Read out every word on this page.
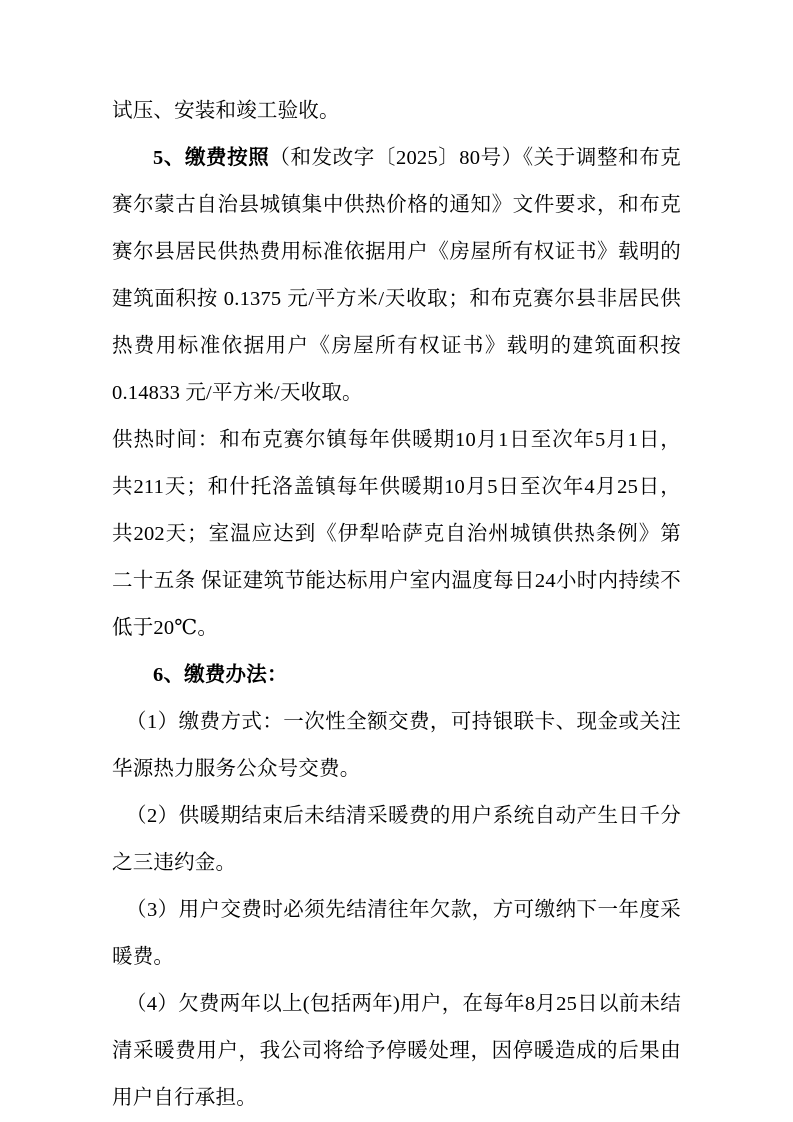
试压、安装和竣工验收。

5、缴费按照（和发改字〔2025〕80号）《关于调整和布克赛尔蒙古自治县城镇集中供热价格的通知》文件要求，和布克赛尔县居民供热费用标准依据用户《房屋所有权证书》载明的建筑面积按 0.1375 元/平方米/天收取；和布克赛尔县非居民供热费用标准依据用户《房屋所有权证书》载明的建筑面积按 0.14833 元/平方米/天收取。

供热时间：和布克赛尔镇每年供暖期10月1日至次年5月1日，共211天；和什托洛盖镇每年供暖期10月5日至次年4月25日，共202天；室温应达到《伊犁哈萨克自治州城镇供热条例》第二十五条 保证建筑节能达标用户室内温度每日24小时内持续不低于20℃。

6、缴费办法：

（1）缴费方式：一次性全额交费，可持银联卡、现金或关注华源热力服务公众号交费。

（2）供暖期结束后未结清采暖费的用户系统自动产生日千分之三违约金。

（3）用户交费时必须先结清往年欠款，方可缴纳下一年度采暖费。

（4）欠费两年以上(包括两年)用户，在每年8月25日以前未结清采暖费用户，我公司将给予停暖处理，因停暖造成的后果由用户自行承担。
